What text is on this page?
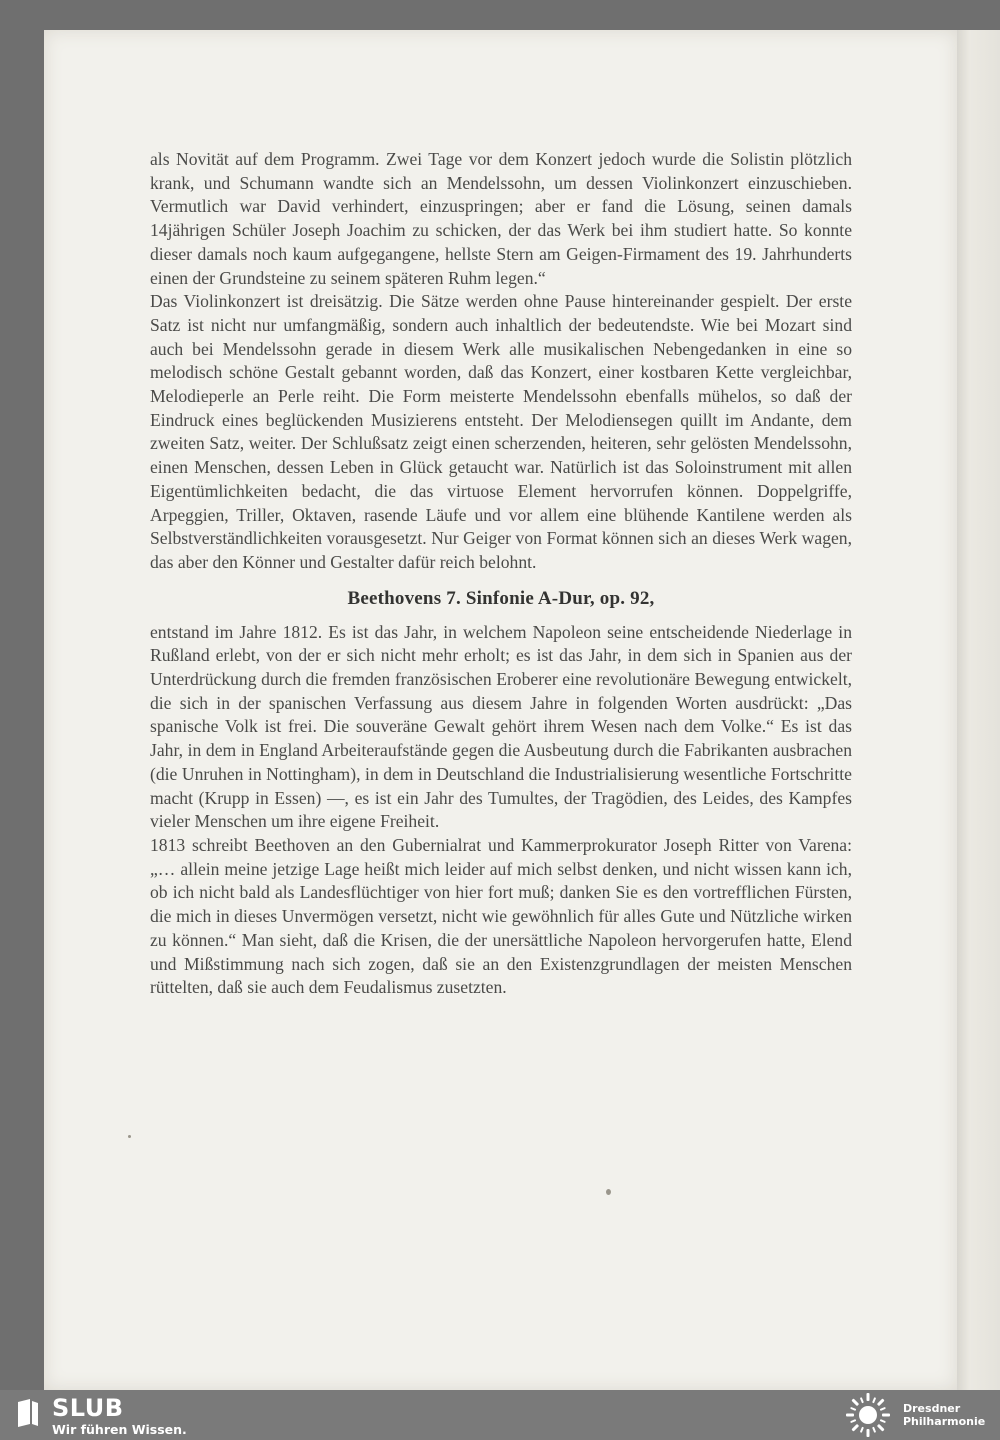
als Novität auf dem Programm. Zwei Tage vor dem Konzert jedoch wurde die Solistin plötzlich krank, und Schumann wandte sich an Mendelssohn, um dessen Violinkonzert einzuschieben. Vermutlich war David verhindert, einzuspringen; aber er fand die Lösung, seinen damals 14jährigen Schüler Joseph Joachim zu schicken, der das Werk bei ihm studiert hatte. So konnte dieser damals noch kaum aufgegangene, hellste Stern am Geigen-Firmament des 19. Jahrhunderts einen der Grundsteine zu seinem späteren Ruhm legen.“

Das Violinkonzert ist dreisätzig. Die Sätze werden ohne Pause hintereinander gespielt. Der erste Satz ist nicht nur umfangmäßig, sondern auch inhaltlich der bedeutendste. Wie bei Mozart sind auch bei Mendelssohn gerade in diesem Werk alle musikalischen Nebengedanken in eine so melodisch schöne Gestalt gebannt worden, daß das Konzert, einer kostbaren Kette vergleichbar, Melodieperle an Perle reiht. Die Form meisterte Mendelssohn ebenfalls mühelos, so daß der Eindruck eines beglückenden Musizierens entsteht. Der Melodiensegen quillt im Andante, dem zweiten Satz, weiter. Der Schlußsatz zeigt einen scherzenden, heiteren, sehr gelösten Mendelssohn, einen Menschen, dessen Leben in Glück getaucht war. Natürlich ist das Soloinstrument mit allen Eigentümlichkeiten bedacht, die das virtuose Element hervorrufen können. Doppelgriffe, Arpeggien, Triller, Oktaven, rasende Läufe und vor allem eine blühende Kantilene werden als Selbstverständlichkeiten vorausgesetzt. Nur Geiger von Format können sich an dieses Werk wagen, das aber den Könner und Gestalter dafür reich belohnt.

Beethovens 7. Sinfonie A-Dur, op. 92,

entstand im Jahre 1812. Es ist das Jahr, in welchem Napoleon seine entscheidende Niederlage in Rußland erlebt, von der er sich nicht mehr erholt; es ist das Jahr, in dem sich in Spanien aus der Unterdrückung durch die fremden französischen Eroberer eine revolutionäre Bewegung entwickelt, die sich in der spanischen Verfassung aus diesem Jahre in folgenden Worten ausdrückt: „Das spanische Volk ist frei. Die souveräne Gewalt gehört ihrem Wesen nach dem Volke.“ Es ist das Jahr, in dem in England Arbeiteraufstände gegen die Ausbeutung durch die Fabrikanten ausbrachen (die Unruhen in Nottingham), in dem in Deutschland die Industrialisierung wesentliche Fortschritte macht (Krupp in Essen) —, es ist ein Jahr des Tumultes, der Tragödien, des Leides, des Kampfes vieler Menschen um ihre eigene Freiheit.

1813 schreibt Beethoven an den Gubernialrat und Kammerprokurator Joseph Ritter von Varena: „… allein meine jetzige Lage heißt mich leider auf mich selbst denken, und nicht wissen kann ich, ob ich nicht bald als Landesflüchtiger von hier fort muß; danken Sie es den vortrefflichen Fürsten, die mich in dieses Unvermögen versetzt, nicht wie gewöhnlich für alles Gute und Nützliche wirken zu können.“ Man sieht, daß die Krisen, die der unersättliche Napoleon hervorgerufen hatte, Elend und Mißstimmung nach sich zogen, daß sie an den Existenzgrundlagen der meisten Menschen rüttelten, daß sie auch dem Feudalismus zusetzten.

SLUB
Wir führen Wissen.
Dresdner
Philharmonie
